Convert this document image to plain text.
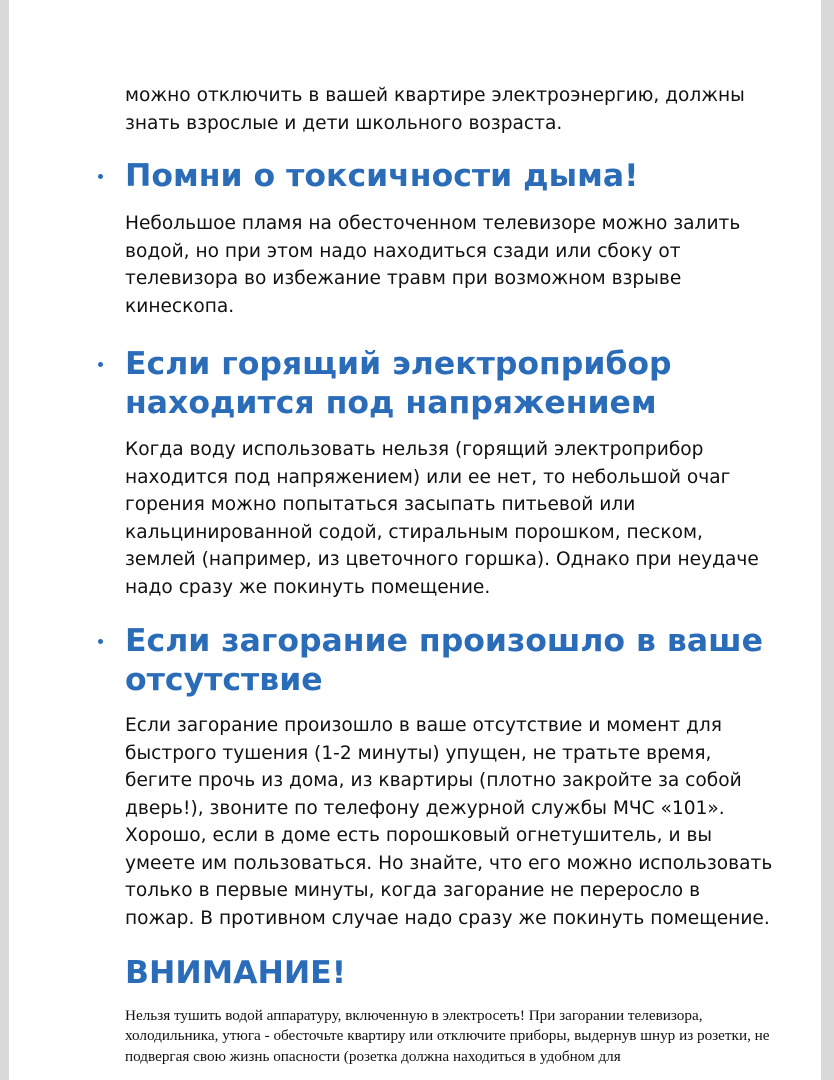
можно отключить в вашей квартире электроэнергию, должны знать взрослые и дети школьного возраста.

Помни о токсичности дыма!

Небольшое пламя на обесточенном телевизоре можно залить водой, но при этом надо находиться сзади или сбоку от телевизора во избежание травм при возможном взрыве кинескопа.

Если горящий электроприбор находится под напряжением

Когда воду использовать нельзя (горящий электроприбор находится под напряжением) или ее нет, то небольшой очаг горения можно попытаться засыпать питьевой или кальцинированной содой, стиральным порошком, песком, землей (например, из цветочного горшка). Однако при неудаче надо сразу же покинуть помещение.

Если загорание произошло в ваше отсутствие

Если загорание произошло в ваше отсутствие и момент для быстрого тушения (1-2 минуты) упущен, не тратьте время, бегите прочь из дома, из квартиры (плотно закройте за собой дверь!), звоните по телефону дежурной службы МЧС «101». Хорошо, если в доме есть порошковый огнетушитель, и вы умеете им пользоваться. Но знайте, что его можно использовать только в первые минуты, когда загорание не переросло в пожар. В противном случае надо сразу же покинуть помещение.

ВНИМАНИЕ!

Нельзя тушить водой аппаратуру, включенную в электросеть! При загорании телевизора, холодильника, утюга - обесточьте квартиру или отключите приборы, выдернув шнур из розетки, не подвергая свою жизнь опасности (розетка должна находиться в удобном для
